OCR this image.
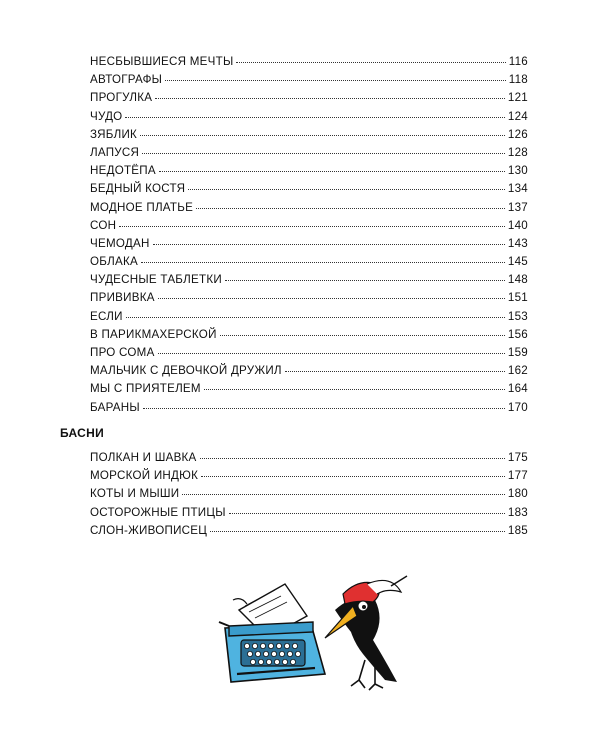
НЕСБЫВШИЕСЯ МЕЧТЫ	116
АВТОГРАФЫ	118
ПРОГУЛКА	121
ЧУДО	124
ЗЯБЛИК	126
ЛАПУСЯ	128
НЕДОТЁПА	130
БЕДНЫЙ КОСТЯ	134
МОДНОЕ ПЛАТЬЕ	137
СОН	140
ЧЕМОДАН	143
ОБЛАКА	145
ЧУДЕСНЫЕ ТАБЛЕТКИ	148
ПРИВИВКА	151
ЕСЛИ	153
В ПАРИКМАХЕРСКОЙ	156
ПРО СОМА	159
МАЛЬЧИК С ДЕВОЧКОЙ ДРУЖИЛ	162
МЫ С ПРИЯТЕЛЕМ	164
БАРАНЫ	170
БАСНИ
ПОЛКАН И ШАВКА	175
МОРСКОЙ ИНДЮК	177
КОТЫ И МЫШИ	180
ОСТОРОЖНЫЕ ПТИЦЫ	183
СЛОН-ЖИВОПИСЕЦ	185
